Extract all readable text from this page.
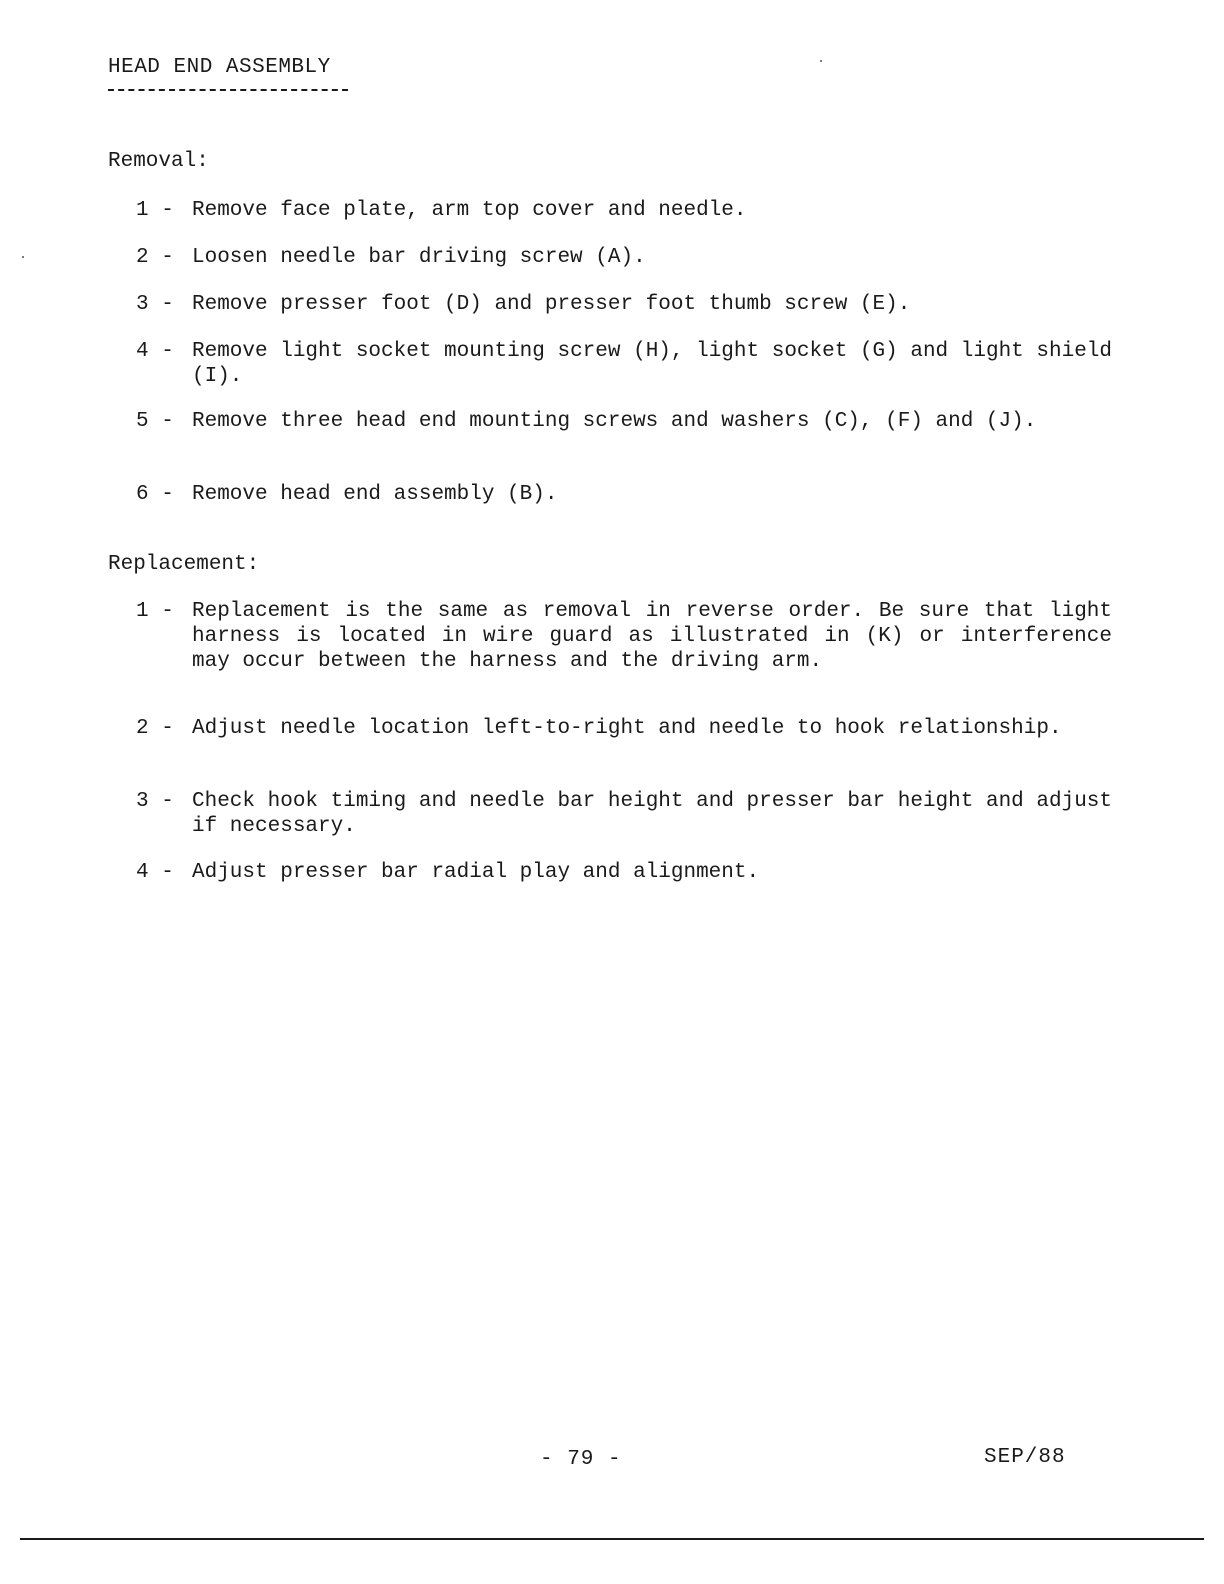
HEAD END ASSEMBLY
Removal:
1 - Remove face plate, arm top cover and needle.
2 - Loosen needle bar driving screw (A).
3 - Remove presser foot (D) and presser foot thumb screw (E).
4 - Remove light socket mounting screw (H), light socket (G) and light shield (I).
5 - Remove three head end mounting screws and washers (C), (F) and (J).
6 - Remove head end assembly (B).
Replacement:
1 - Replacement is the same as removal in reverse order. Be sure that light harness is located in wire guard as illustrated in (K) or interference may occur between the harness and the driving arm.
2 - Adjust needle location left-to-right and needle to hook relationship.
3 - Check hook timing and needle bar height and presser bar height and adjust if necessary.
4 - Adjust presser bar radial play and alignment.
- 79 -	SEP/88
